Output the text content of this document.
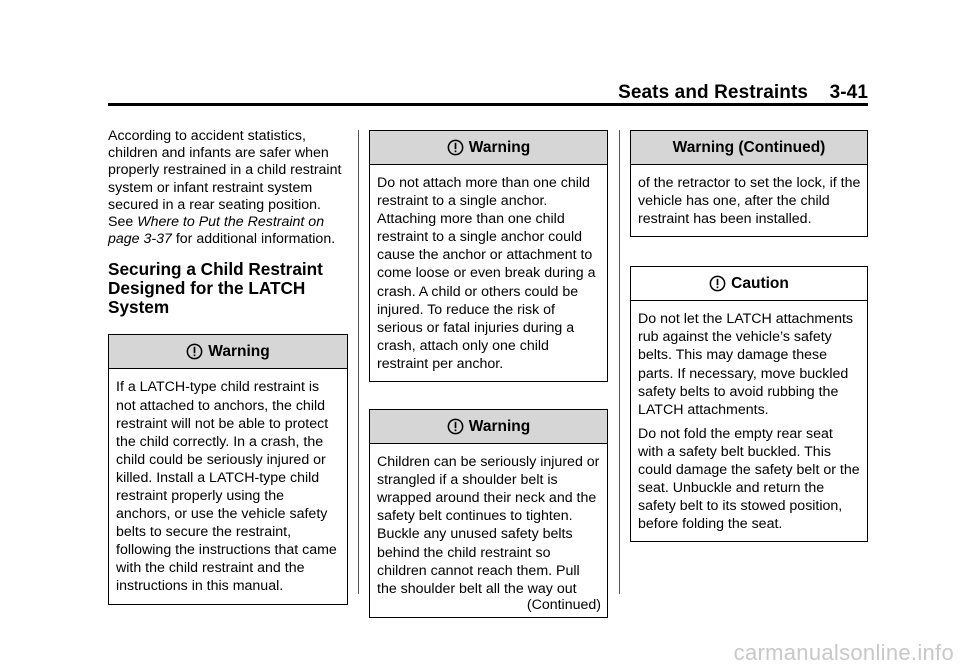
Seats and Restraints 3-41

According to accident statistics, children and infants are safer when properly restrained in a child restraint system or infant restraint system secured in a rear seating position. See Where to Put the Restraint on page 3-37 for additional information.

Securing a Child Restraint Designed for the LATCH System
Warning

If a LATCH-type child restraint is not attached to anchors, the child restraint will not be able to protect the child correctly. In a crash, the child could be seriously injured or killed. Install a LATCH-type child restraint properly using the anchors, or use the vehicle safety belts to secure the restraint, following the instructions that came with the child restraint and the instructions in this manual.

Warning

Do not attach more than one child restraint to a single anchor. Attaching more than one child restraint to a single anchor could cause the anchor or attachment to come loose or even break during a crash. A child or others could be injured. To reduce the risk of serious or fatal injuries during a crash, attach only one child restraint per anchor.

Warning

Children can be seriously injured or strangled if a shoulder belt is wrapped around their neck and the safety belt continues to tighten. Buckle any unused safety belts behind the child restraint so children cannot reach them. Pull the shoulder belt all the way out

(Continued)
Warning (Continued)

of the retractor to set the lock, if the vehicle has one, after the child restraint has been installed.

Caution

Do not let the LATCH attachments rub against the vehicle’s safety belts. This may damage these parts. If necessary, move buckled safety belts to avoid rubbing the LATCH attachments.

Do not fold the empty rear seat with a safety belt buckled. This could damage the safety belt or the seat. Unbuckle and return the safety belt to its stowed position, before folding the seat.

carmanualsonline.info
